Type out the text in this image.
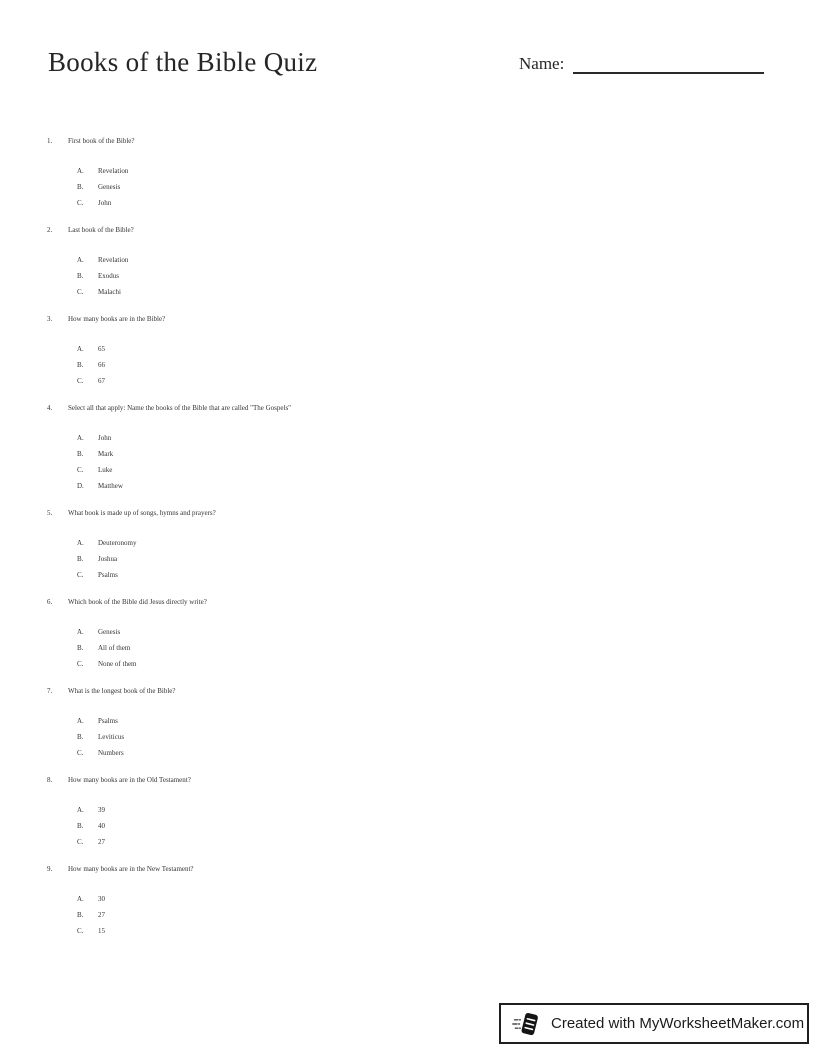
Books of the Bible Quiz	Name:
1.	First book of the Bible?
A.	Revelation
B.	Genesis
C.	John
2.	Last book of the Bible?
A.	Revelation
B.	Exodus
C.	Malachi
3.	How many books are in the Bible?
A.	65
B.	66
C.	67
4.	Select all that apply: Name the books of the Bible that are called "The Gospels"
A.	John
B.	Mark
C.	Luke
D.	Matthew
5.	What book is made up of songs, hymns and prayers?
A.	Deuteronomy
B.	Joshua
C.	Psalms
6.	Which book of the Bible did Jesus directly write?
A.	Genesis
B.	All of them
C.	None of them
7.	What is the longest book of the Bible?
A.	Psalms
B.	Leviticus
C.	Numbers
8.	How many books are in the Old Testament?
A.	39
B.	40
C.	27
9.	How many books are in the New Testament?
A.	30
B.	27
C.	15
Created with MyWorksheetMaker.com
